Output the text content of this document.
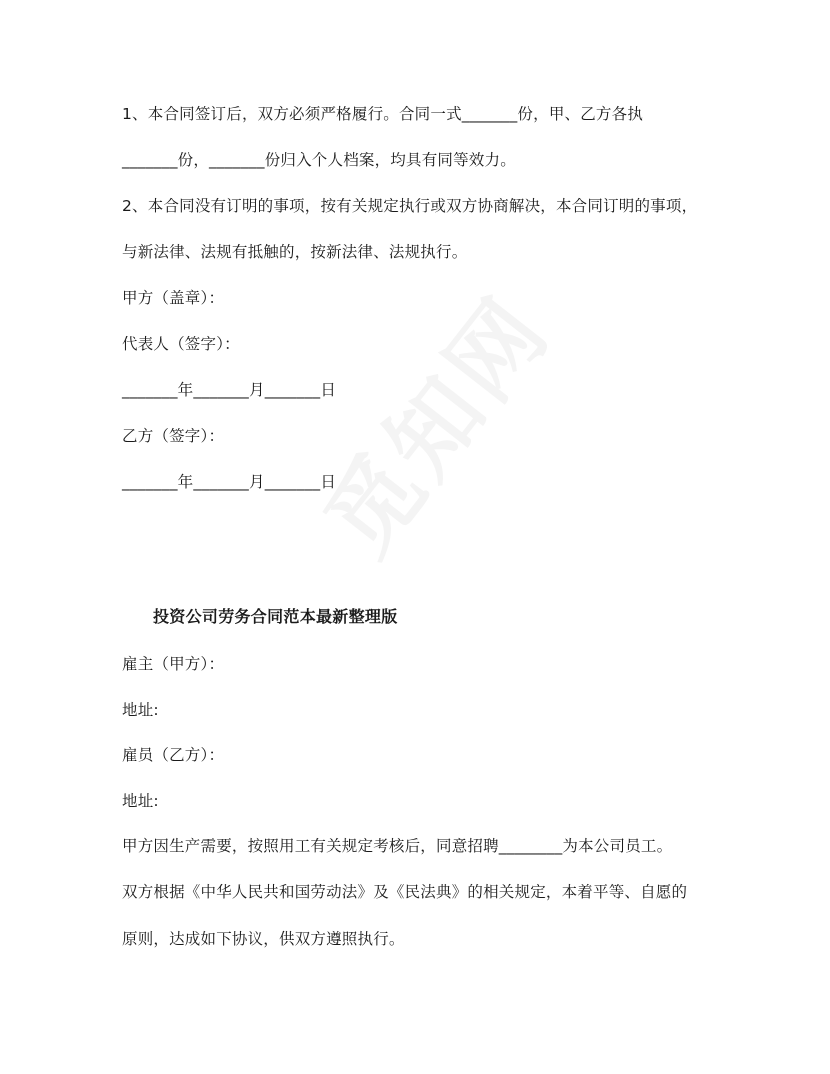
1、本合同签订后，双方必须严格履行。合同一式_______份，甲、乙方各执
_______份，_______份归入个人档案，均具有同等效力。
2、本合同没有订明的事项，按有关规定执行或双方协商解决，本合同订明的事项，
与新法律、法规有抵触的，按新法律、法规执行。
甲方（盖章）：
代表人（签字）：
_______年_______月_______日
乙方（签字）：
_______年_______月_______日
投资公司劳务合同范本最新整理版
雇主（甲方）：
地址:
雇员（乙方）：
地址:
甲方因生产需要，按照用工有关规定考核后，同意招聘________为本公司员工。
双方根据《中华人民共和国劳动法》及《民法典》的相关规定，本着平等、自愿的
原则，达成如下协议，供双方遵照执行。
